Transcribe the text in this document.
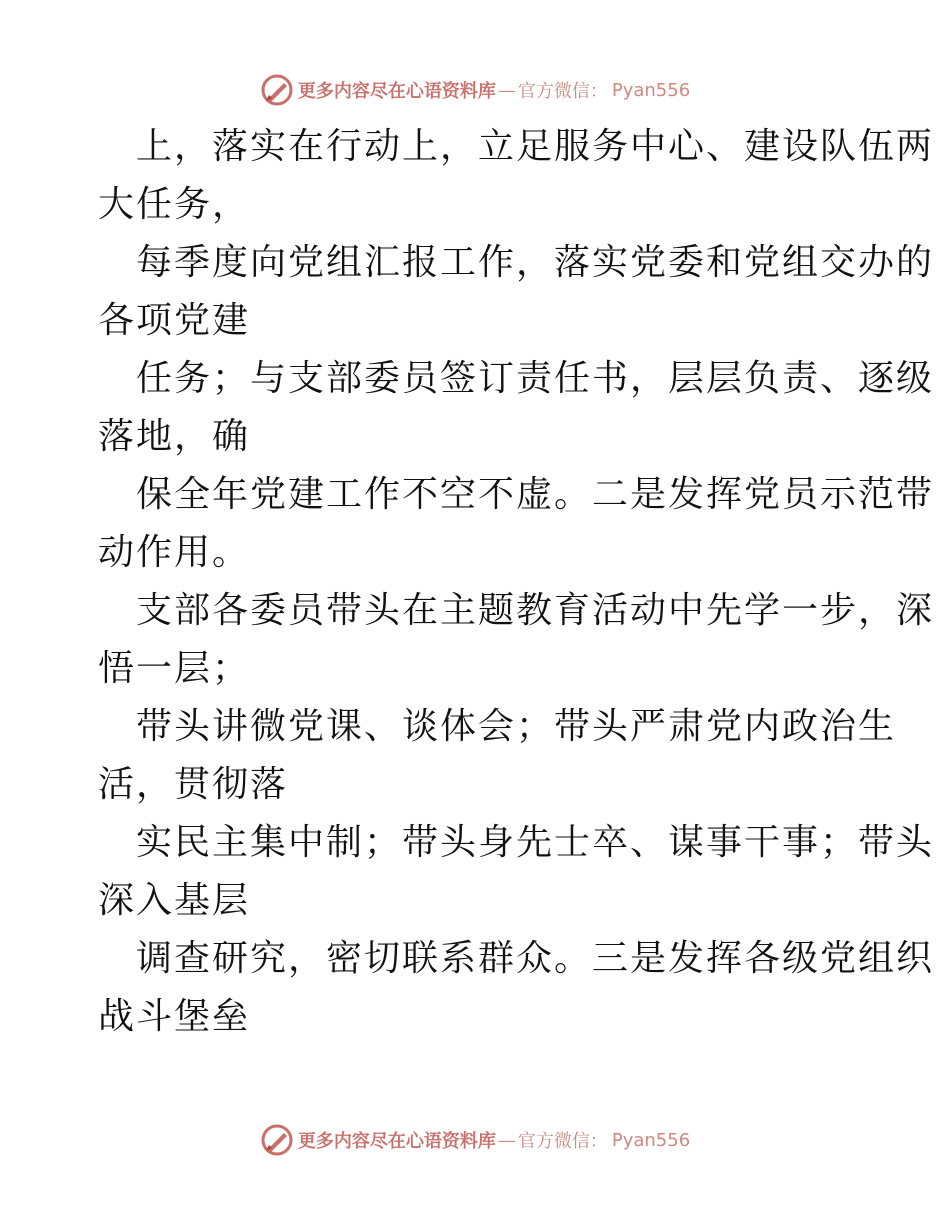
更多内容尽在心语资料库 — 官方微信： Pyan556

上，落实在行动上，立足服务中心、建设队伍两
大任务，

每季度向党组汇报工作，落实党委和党组交办的
各项党建

任务；与支部委员签订责任书，层层负责、逐级
落地，确

保全年党建工作不空不虚。二是发挥党员示范带
动作用。

支部各委员带头在主题教育活动中先学一步，深
悟一层；

带头讲微党课、谈体会；带头严肃党内政治生
活，贯彻落

实民主集中制；带头身先士卒、谋事干事；带头
深入基层

调查研究，密切联系群众。三是发挥各级党组织
战斗堡垒

更多内容尽在心语资料库 — 官方微信： Pyan556
